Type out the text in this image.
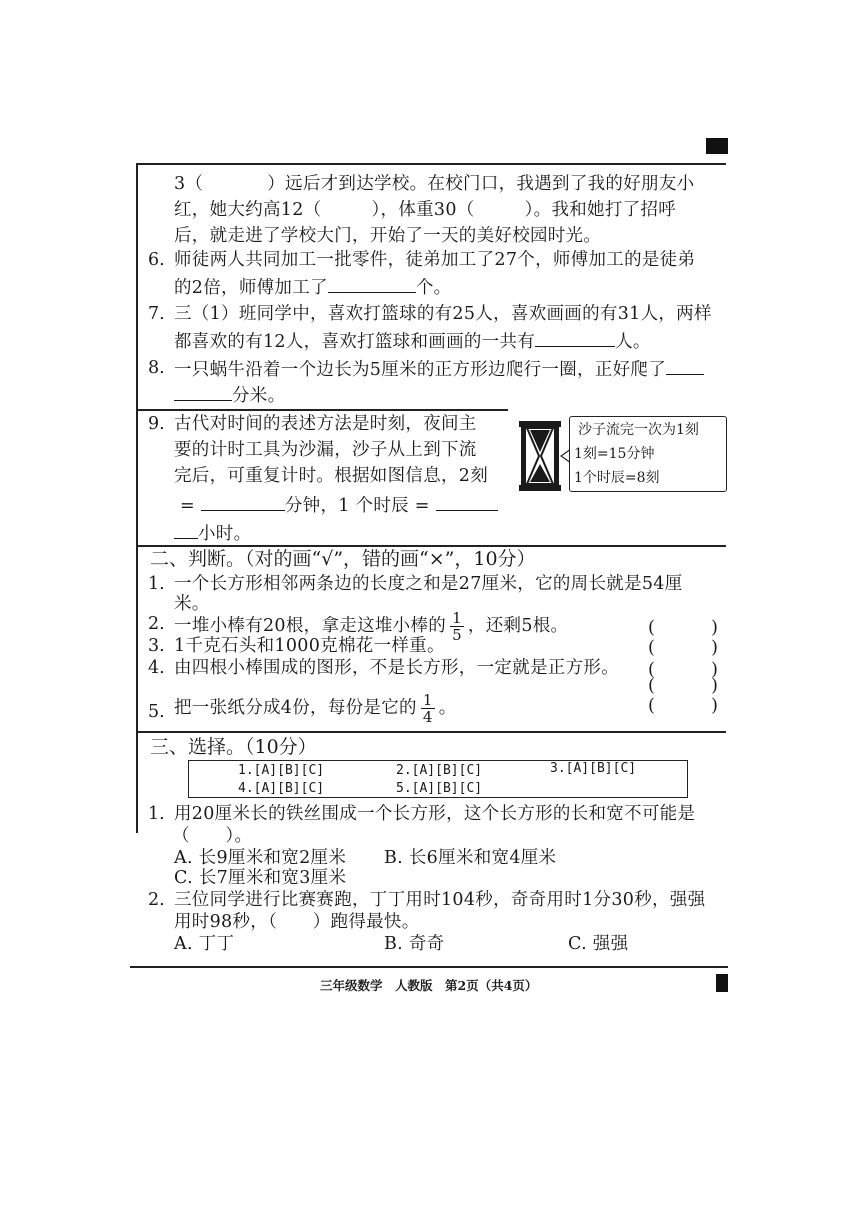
3（	）远后才到达学校。在校门口，我遇到了我的好朋友小
红，她大约高12（	），体重30（	）。我和她打了招呼
后，就走进了学校大门，开始了一天的美好校园时光。
6. 师徒两人共同加工一批零件，徒弟加工了27个，师傅加工的是徒弟
的2倍，师傅加工了	个。
7. 三（1）班同学中，喜欢打篮球的有25人，喜欢画画的有31人，两样
都喜欢的有12人，喜欢打篮球和画画的一共有	人。
8. 一只蜗牛沿着一个边长为5厘米的正方形边爬行一圈，正好爬了
分米。
9. 古代对时间的表述方法是时刻，夜间主
要的计时工具为沙漏，沙子从上到下流
完后，可重复计时。根据如图信息，2刻
=	分钟，1 个时辰 =
小时。
沙子流完一次为1刻
1刻=15分钟
1个时辰=8刻
二、判断。（对的画“√”，错的画“×”，10分）
1. 一个长方形相邻两条边的长度之和是27厘米，它的周长就是54厘
米。
(	)
2. 一堆小棒有20根，拿走这堆小棒的 $\frac{1}{5}$ ，还剩5根。
(	)
3. 1千克石头和1000克棉花一样重。
(	)
4. 由四根小棒围成的图形，不是长方形，一定就是正方形。
(	)
5. 把一张纸分成4份，每份是它的 $\frac{1}{4}$ 。	(	)
三、选择。（10分）
1.[A][B][C]	2.[A][B][C]	3.[A][B][C]
4.[A][B][C]	5.[A][B][C]
1. 用20厘米长的铁丝围成一个长方形，这个长方形的长和宽不可能是
（　　）。
A. 长9厘米和宽2厘米 B. 长6厘米和宽4厘米
C. 长7厘米和宽3厘米
2. 三位同学进行比赛赛跑，丁丁用时104秒，奇奇用时1分30秒，强强
用时98秒，（　　）跑得最快。
A. 丁丁	B. 奇奇	C. 强强
三年级数学　人教版　第2页（共4页）
